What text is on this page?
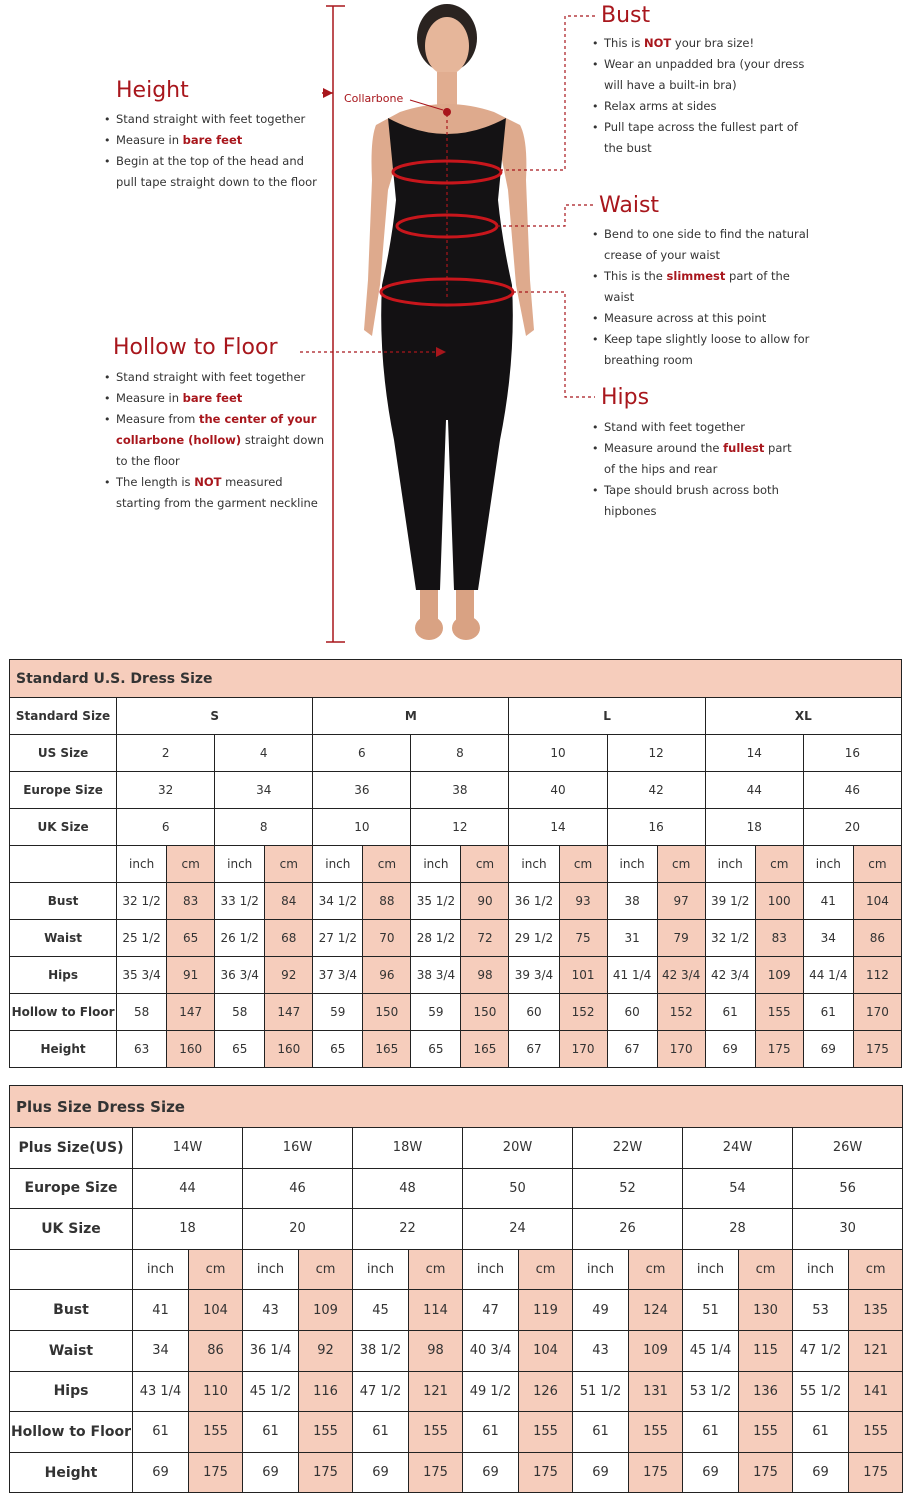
Collarbone
Height
• Stand straight with feet together
• Measure in bare feet
• Begin at the top of the head and pull tape straight down to the floor
Hollow to Floor
• Stand straight with feet together
• Measure in bare feet
• Measure from the center of your collarbone (hollow) straight down to the floor
• The length is NOT measured starting from the garment neckline
Bust
• This is NOT your bra size!
• Wear an unpadded bra (your dress will have a built-in bra)
• Relax arms at sides
• Pull tape across the fullest part of the bust
Waist
• Bend to one side to find the natural crease of your waist
• This is the slimmest part of the waist
• Measure across at this point
• Keep tape slightly loose to allow for breathing room
Hips
• Stand with feet together
• Measure around the fullest part of the hips and rear
• Tape should brush across both hipbones
Standard U.S. Dress Size																
Standard Size	S				M				L				XL			
US Size	2		4		6		8		10		12		14		16	
Europe Size	32		34		36		38		40		42		44		46	
UK Size	6		8		10		12		14		16		18		20	
	inch	cm	inch	cm	inch	cm	inch	cm	inch	cm	inch	cm	inch	cm	inch	cm
Bust	32 1/2	83	33 1/2	84	34 1/2	88	35 1/2	90	36 1/2	93	38	97	39 1/2	100	41	104
Waist	25 1/2	65	26 1/2	68	27 1/2	70	28 1/2	72	29 1/2	75	31	79	32 1/2	83	34	86
Hips	35 3/4	91	36 3/4	92	37 3/4	96	38 3/4	98	39 3/4	101	41 1/4	42 3/4	42 3/4	109	44 1/4	112
Hollow to Floor	58	147	58	147	59	150	59	150	60	152	60	152	61	155	61	170
Height	63	160	65	160	65	165	65	165	67	170	67	170	69	175	69	175
Plus Size Dress Size														
Plus Size(US)	14W		16W		18W		20W		22W		24W		26W	
Europe Size	44		46		48		50		52		54		56	
UK Size	18		20		22		24		26		28		30	
	inch	cm	inch	cm	inch	cm	inch	cm	inch	cm	inch	cm	inch	cm
Bust	41	104	43	109	45	114	47	119	49	124	51	130	53	135
Waist	34	86	36 1/4	92	38 1/2	98	40 3/4	104	43	109	45 1/4	115	47 1/2	121
Hips	43 1/4	110	45 1/2	116	47 1/2	121	49 1/2	126	51 1/2	131	53 1/2	136	55 1/2	141
Hollow to Floor	61	155	61	155	61	155	61	155	61	155	61	155	61	155
Height	69	175	69	175	69	175	69	175	69	175	69	175	69	175
